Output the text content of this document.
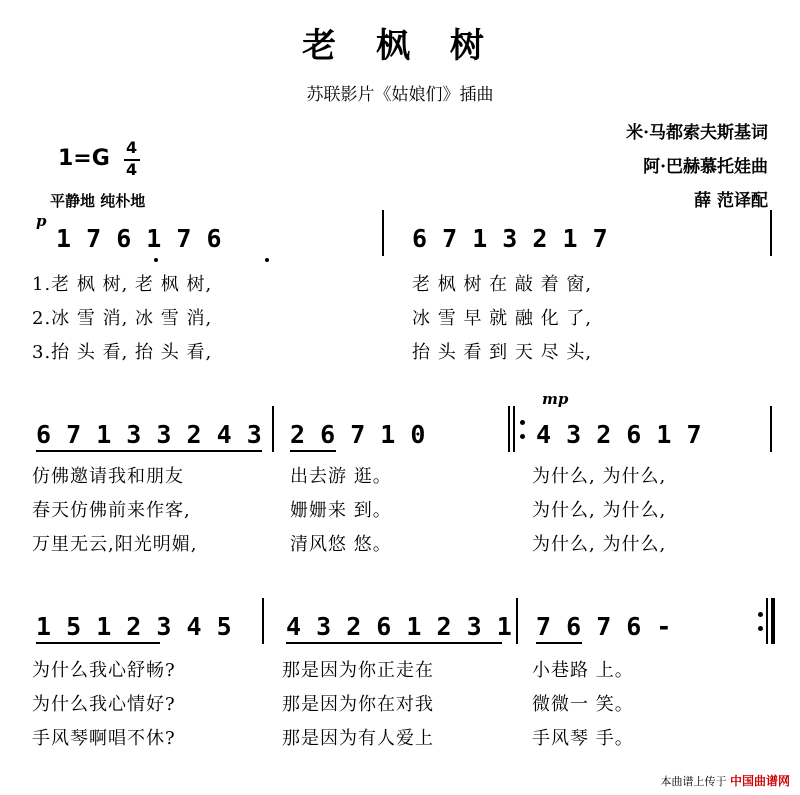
老 枫 树
苏联影片《姑娘们》插曲
米·马都索夫斯基词
阿·巴赫慕托娃曲
薛 范译配
1=G 4
4
平静地 纯朴地
p
1 7 6 1 7 6	6 7 1 3 2 1 7
1.老 枫 树, 老 枫 树,	老 枫 树 在 敲 着 窗,
2.冰 雪 消, 冰 雪 消,	冰 雪 早 就 融 化 了,
3.抬 头 看, 抬 头 看,	抬 头 看 到 天 尽 头,
mp
6 7 1 3 3 2 4 3 2 6 7 1 0	4 3 2 6 1 7
仿佛邀请我和朋友	出去游 逛。	为什么, 为什么,
春天仿佛前来作客,	姗姗来 到。	为什么, 为什么,
万里无云,阳光明媚,	清风悠 悠。	为什么, 为什么,
1 5 1 2 3 4 5 4 3 2 6 1 2 3 1 7 6 7 6 -
为什么我心舒畅?	那是因为你正走在	小巷路 上。
为什么我心情好?	那是因为你在对我	微微一 笑。
手风琴啊唱不休?	那是因为有人爱上	手风琴 手。
本曲谱上传于 中国曲谱网
